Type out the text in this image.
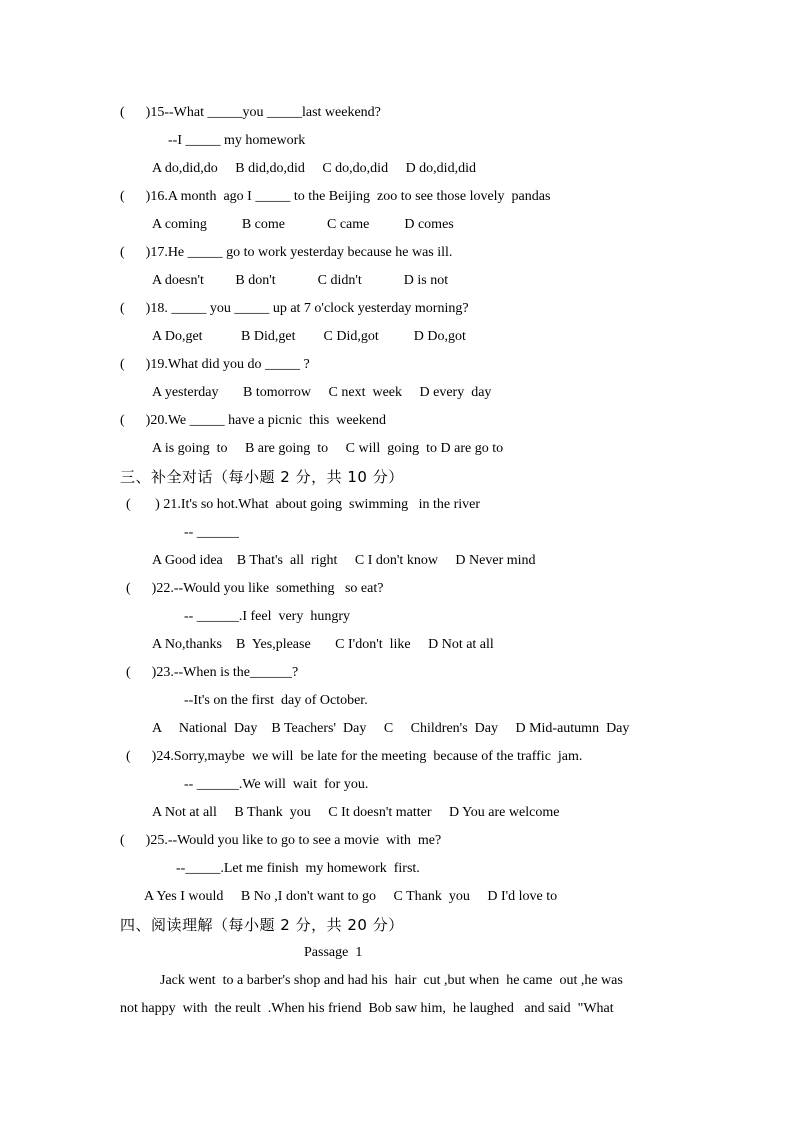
(      )15--What _____you _____last weekend?
--I _____ my homework
A do,did,do     B did,do,did     C do,do,did     D do,did,did
(      )16.A month  ago I _____ to the Beijing  zoo to see those lovely  pandas
A coming          B come            C came          D comes
(      )17.He _____ go to work yesterday because he was ill.
A doesn't         B don't            C didn't            D is not
(      )18. _____ you _____ up at 7 o'clock yesterday morning?
A Do,get           B Did,get        C Did,got          D Do,got
(      )19.What did you do _____ ?
A yesterday       B tomorrow     C next  week     D every  day
(      )20.We _____ have a picnic  this  weekend
A is going  to     B are going  to     C will  going  to D are go to
三、补全对话（每小题 2 分，共 10 分）
(       ) 21.It's so hot.What  about going  swimming   in the river
-- ______
A Good idea    B That's  all  right     C I don't know     D Never mind
(      )22.--Would you like  something   so eat?
-- ______.I feel  very  hungry
A No,thanks    B  Yes,please       C I'don't  like     D Not at all
(      )23.--When is the______?
--It's on the first  day of October.
A     National  Day    B Teachers'  Day     C     Children's  Day     D Mid-autumn  Day
(      )24.Sorry,maybe  we will  be late for the meeting  because of the traffic  jam.
-- ______.We will  wait  for you.
A Not at all     B Thank  you     C It doesn't matter     D You are welcome
(      )25.--Would you like to go to see a movie  with  me?
--_____.Let me finish  my homework  first.
A Yes I would     B No ,I don't want to go     C Thank  you     D I'd love to
四、阅读理解（每小题 2 分，共 20 分）
Passage  1
Jack went  to a barber's shop and had his  hair  cut ,but when  he came  out ,he was
not happy  with  the reult  .When his friend  Bob saw him,  he laughed   and said  "What
